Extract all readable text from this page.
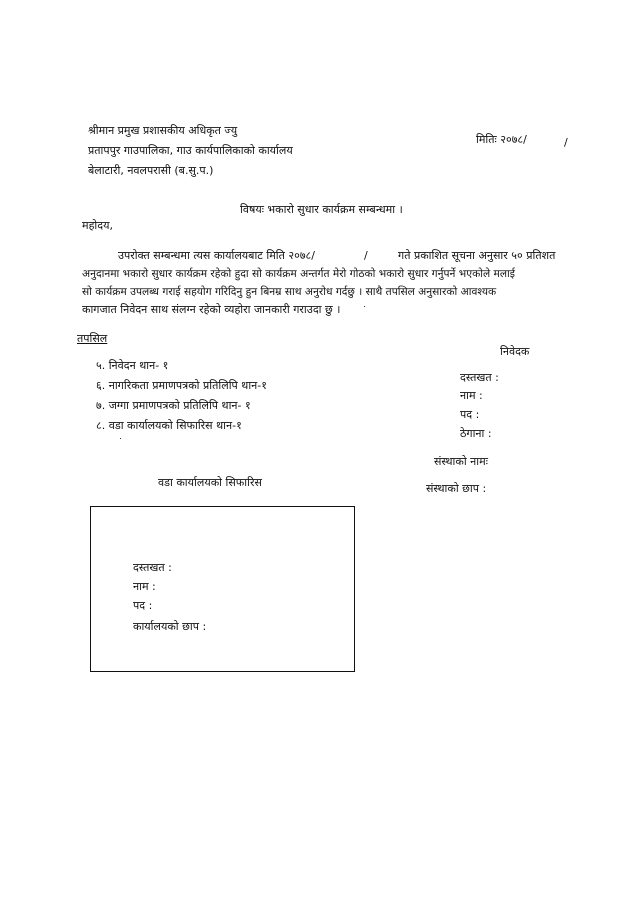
श्रीमान प्रमुख प्रशासकीय अधिकृत ज्यु
प्रतापपुर गाउपालिका, गाउ कार्यपालिकाको कार्यालय
बेलाटारी, नवलपरासी (ब.सु.प.)
मितिः २०७८/	/
विषयः भकारो सुधार कार्यक्रम सम्बन्धमा ।
महोदय,
उपरोक्त सम्बन्धमा त्यस कार्यालयबाट मिति २०७८/	/	गते प्रकाशित सूचना अनुसार ५० प्रतिशत
अनुदानमा भकारो सुधार कार्यक्रम रहेको हुदा सो कार्यक्रम अन्तर्गत मेरो गोठको भकारो सुधार गर्नुपर्ने भएकोले मलाई
सो कार्यक्रम उपलब्ध गराई सहयोग गरिदिनु हुन बिनम्र साथ अनुरोध गर्दछु । साथै तपसिल अनुसारको आवश्यक
कागजात निवेदन साथ संलग्न रहेको व्यहोरा जानकारी गराउदा छु ।
तपसिल
५. निवेदन थान- १
६. नागरिकता प्रमाणपत्रको प्रतिलिपि थान-१
७. जग्गा प्रमाणपत्रको प्रतिलिपि थान- १
८. वडा कार्यालयको सिफारिस थान-१
निवेदक
दस्तखत :
नाम :
पद :
ठेगाना :
संस्थाको नामः
संस्थाको छाप :
वडा कार्यालयको सिफारिस
दस्तखत :
नाम :
पद :
कार्यालयको छाप :
